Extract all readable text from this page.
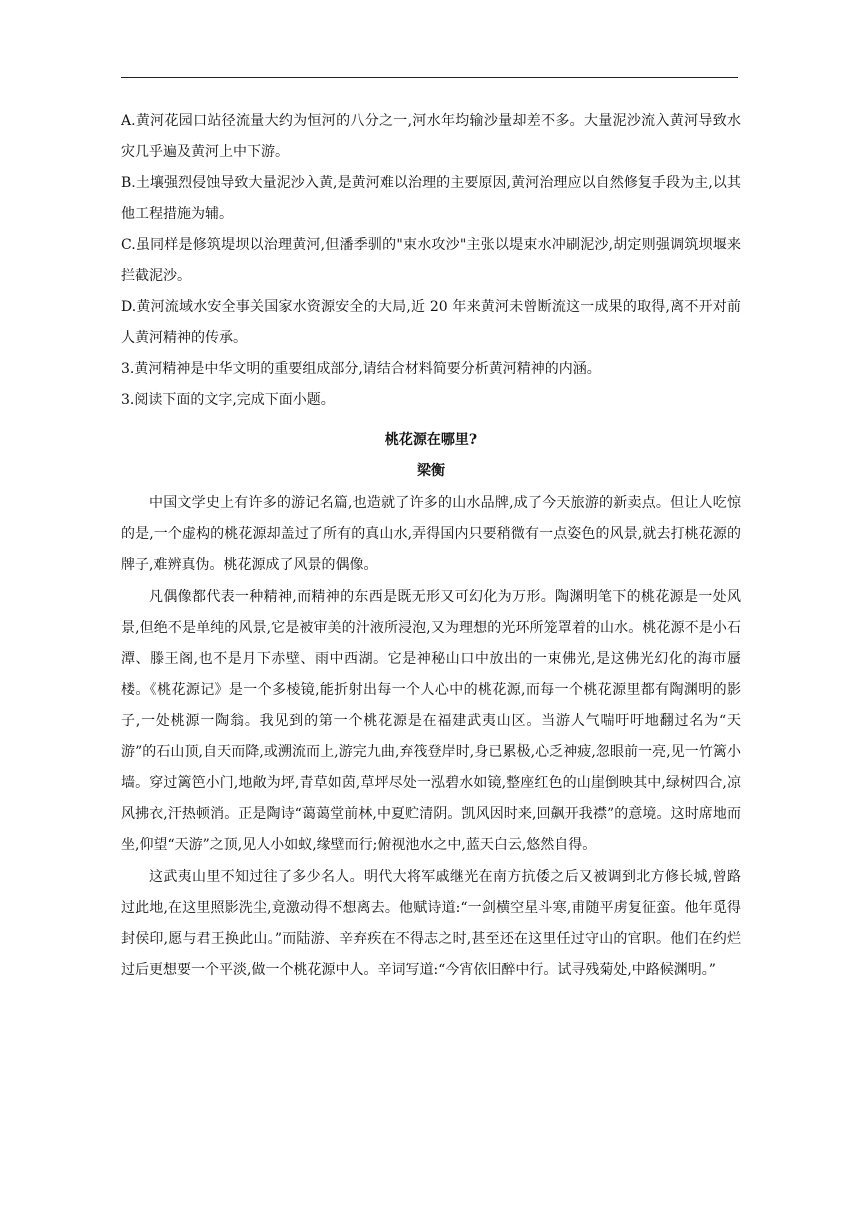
A.黄河花园口站径流量大约为恒河的八分之一,河水年均输沙量却差不多。大量泥沙流入黄河导致水灾几乎遍及黄河上中下游。

B.土壤强烈侵蚀导致大量泥沙入黄,是黄河难以治理的主要原因,黄河治理应以自然修复手段为主,以其他工程措施为辅。

C.虽同样是修筑堤坝以治理黄河,但潘季驯的"束水攻沙"主张以堤束水冲刷泥沙,胡定则强调筑坝堰来拦截泥沙。

D.黄河流域水安全事关国家水资源安全的大局,近 20 年来黄河未曾断流这一成果的取得,离不开对前人黄河精神的传承。

3.黄河精神是中华文明的重要组成部分,请结合材料简要分析黄河精神的内涵。

3.阅读下面的文字,完成下面小题。

桃花源在哪里?

梁衡

中国文学史上有许多的游记名篇,也造就了许多的山水品牌,成了今天旅游的新卖点。但让人吃惊的是,一个虚构的桃花源却盖过了所有的真山水,弄得国内只要稍微有一点姿色的风景,就去打桃花源的牌子,难辨真伪。桃花源成了风景的偶像。

凡偶像都代表一种精神,而精神的东西是既无形又可幻化为万形。陶渊明笔下的桃花源是一处风景,但绝不是单纯的风景,它是被审美的汁液所浸泡,又为理想的光环所笼罩着的山水。桃花源不是小石潭、滕王阁,也不是月下赤壁、雨中西湖。它是神秘山口中放出的一束佛光,是这佛光幻化的海市蜃楼。《桃花源记》是一个多棱镜,能折射出每一个人心中的桃花源,而每一个桃花源里都有陶渊明的影子,一处桃源一陶翁。我见到的第一个桃花源是在福建武夷山区。当游人气喘吁吁地翻过名为“天游”的石山顶,自天而降,或溯流而上,游完九曲,弃筏登岸时,身已累极,心乏神疲,忽眼前一亮,见一竹篱小墙。穿过篱笆小门,地敞为坪,青草如茵,草坪尽处一泓碧水如镜,整座红色的山崖倒映其中,绿树四合,凉风拂衣,汗热顿消。正是陶诗“蔼蔼堂前林,中夏贮清阴。凯风因时来,回飙开我襟”的意境。这时席地而坐,仰望“天游”之顶,见人小如蚁,缘壁而行;俯视池水之中,蓝天白云,悠然自得。

这武夷山里不知过往了多少名人。明代大将军戚继光在南方抗倭之后又被调到北方修长城,曾路过此地,在这里照影洗尘,竟激动得不想离去。他赋诗道:“一剑横空星斗寒,甫随平虏复征蛮。他年觅得封侯印,愿与君王换此山。”而陆游、辛弃疾在不得志之时,甚至还在这里任过守山的官职。他们在约烂过后更想要一个平淡,做一个桃花源中人。辛词写道:“今宵依旧醉中行。试寻残菊处,中路候渊明。”
